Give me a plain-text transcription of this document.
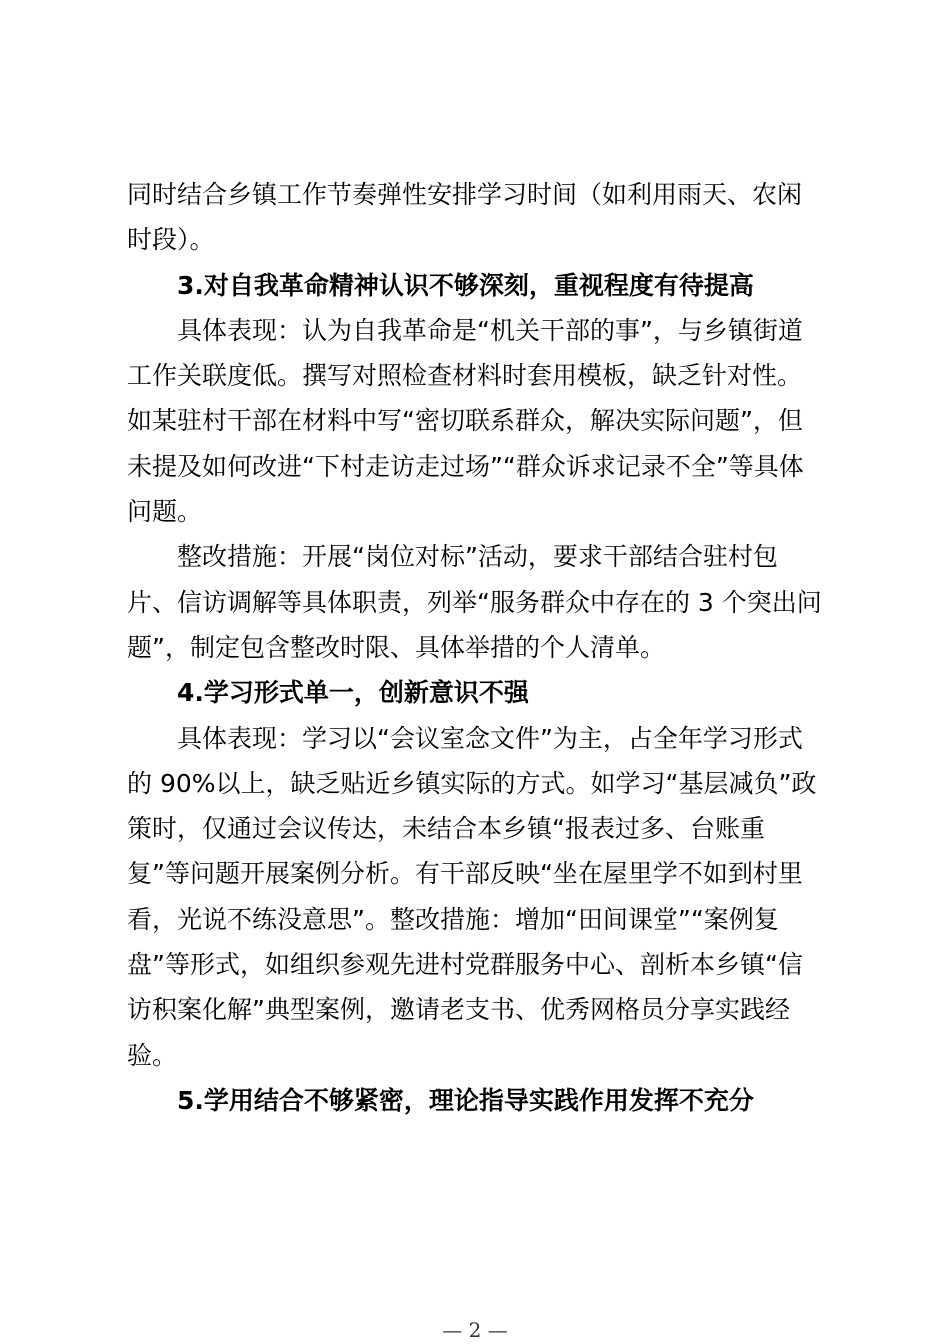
同时结合乡镇工作节奏弹性安排学习时间（如利用雨天、农闲
时段）。
3.对自我革命精神认识不够深刻，重视程度有待提高
具体表现：认为自我革命是“机关干部的事”，与乡镇街道
工作关联度低。撰写对照检查材料时套用模板，缺乏针对性。
如某驻村干部在材料中写“密切联系群众，解决实际问题”，但
未提及如何改进“下村走访走过场”“群众诉求记录不全”等具体
问题。
整改措施：开展“岗位对标”活动，要求干部结合驻村包
片、信访调解等具体职责，列举“服务群众中存在的 3 个突出问
题”，制定包含整改时限、具体举措的个人清单。
4.学习形式单一，创新意识不强
具体表现：学习以“会议室念文件”为主，占全年学习形式
的 90%以上，缺乏贴近乡镇实际的方式。如学习“基层减负”政
策时，仅通过会议传达，未结合本乡镇“报表过多、台账重
复”等问题开展案例分析。有干部反映“坐在屋里学不如到村里
看，光说不练没意思”。整改措施：增加“田间课堂”“案例复
盘”等形式，如组织参观先进村党群服务中心、剖析本乡镇“信
访积案化解”典型案例，邀请老支书、优秀网格员分享实践经
验。
5.学用结合不够紧密，理论指导实践作用发挥不充分
— 2 —
